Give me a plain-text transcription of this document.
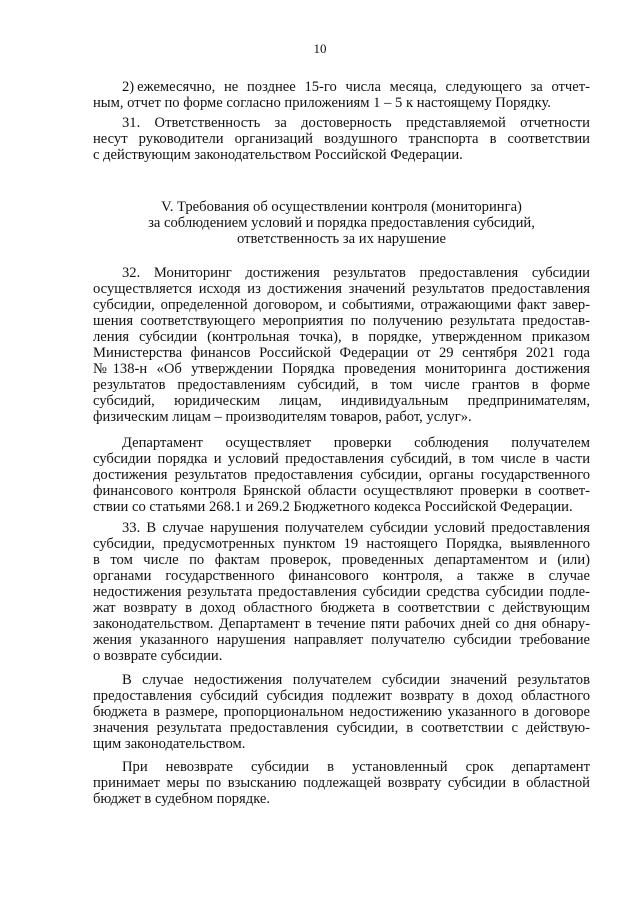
10
2) ежемесячно, не позднее 15-го числа месяца, следующего за отчет-
ным, отчет по форме согласно приложениям 1 – 5 к настоящему Порядку.
31. Ответственность за достоверность представляемой отчетности
несут руководители организаций воздушного транспорта в соответствии
с действующим законодательством Российской Федерации.
V. Требования об осуществлении контроля (мониторинга)
за соблюдением условий и порядка предоставления субсидий,
ответственность за их нарушение
32. Мониторинг достижения результатов предоставления субсидии
осуществляется исходя из достижения значений результатов предоставления
субсидии, определенной договором, и событиями, отражающими факт завер-
шения соответствующего мероприятия по получению результата предостав-
ления субсидии (контрольная точка), в порядке, утвержденном приказом
Министерства финансов Российской Федерации от 29 сентября 2021 года
№138-н «Об утверждении Порядка проведения мониторинга достижения
результатов предоставлениям субсидий, в том числе грантов в форме
субсидий, юридическим лицам, индивидуальным предпринимателям,
физическим лицам – производителям товаров, работ, услуг».
Департамент осуществляет проверки соблюдения получателем
субсидии порядка и условий предоставления субсидий, в том числе в части
достижения результатов предоставления субсидии, органы государственного
финансового контроля Брянской области осуществляют проверки в соответ-
ствии со статьями 268.1 и 269.2 Бюджетного кодекса Российской Федерации.
33. В случае нарушения получателем субсидии условий предоставления
субсидии, предусмотренных пунктом 19 настоящего Порядка, выявленного
в том числе по фактам проверок, проведенных департаментом и (или)
органами государственного финансового контроля, а также в случае
недостижения результата предоставления субсидии средства субсидии подле-
жат возврату в доход областного бюджета в соответствии с действующим
законодательством. Департамент в течение пяти рабочих дней со дня обнару-
жения указанного нарушения направляет получателю субсидии требование
о возврате субсидии.
В случае недостижения получателем субсидии значений результатов
предоставления субсидий субсидия подлежит возврату в доход областного
бюджета в размере, пропорциональном недостижению указанного в договоре
значения результата предоставления субсидии, в соответствии с действую-
щим законодательством.
При невозврате субсидии в установленный срок департамент
принимает меры по взысканию подлежащей возврату субсидии в областной
бюджет в судебном порядке.
